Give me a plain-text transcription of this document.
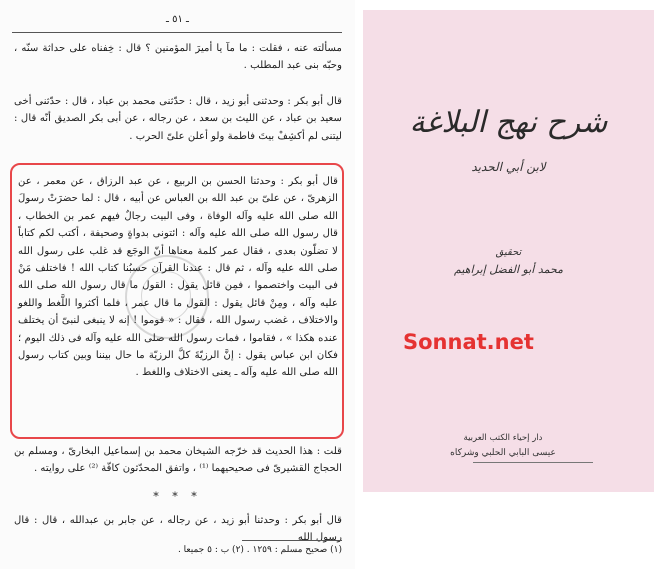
ـ ٥١ ـ
مسألته عنه ، فقلت : ما مآ يا أميرَ المؤمنين ؟ قال : خِفناه على حداثة سنّه ، وحبّه بنى عبد المطلب .
قال أبو بكر : وحدثنى أبو زيد ، قال : حدّثنى محمد بن عباد ، قال : حدّثنى أخى سعيد بن عباد ، عن الليث بن سعد ، عن رجاله ، عن أبى بكر الصديق أنّه قال : ليتنى لم أكشِفْ بيتَ فاطمة ولو أعلن علىّ الحرب .
قال أبو بكر : وحدثنا الحسن بن الربيع ، عن عبد الرزاق ، عن معمر ، عن الزهرىّ ، عن علىّ بن عبد الله بن العباس عن أبيه ، قال : لما حضرَتْ رسولَ الله صلى الله عليه وآله الوفاة ، وفى البيت رجالٌ فيهم عمر بن الخطاب ، قال رسول الله صلى الله عليه وآله : ائتونى بدواةٍ وصحيفة ، أكتب لكم كتاباً لا تضلّون بعدى ، فقال عمر كلمة معناها أنّ الوجَع قد غلب على رسول الله صلى الله عليه وآله ، ثم قال : عندنا القرآن حسبُنا كتاب الله ! فاختلف مَنْ فى البيت واختصموا ، فمِن قائل يقول : القول ما قال رسول الله صلى الله عليه وآله ، ومِنْ قائل يقول : القول ما قال عمر ، فلما أكثروا اللَّغط واللغو والاختلاف ، غضب رسول الله ، فقال : « قوموا ! إنه لا ينبغى لنبىّ أن يختلف عنده هكذا » ، فقاموا ، فمات رسول الله صلى الله عليه وآله فى ذلك اليوم ؛ فكان ابن عباس يقول : إنَّ الرزيّةَ كلَّ الرزيّة ما حال بيننا وبين كتاب رسول الله صلى الله عليه وآله ـ يعنى الاختلاف واللغط .
قلت : هذا الحديث قد خرّجه الشيخان محمد بن إسماعيل البخارىّ ، ومسلم بن الحجاج القشيرىّ فى صحيحيهما ⁽¹⁾ ، واتفق المحدّثون كافّة ⁽²⁾ على روايته .
* * *
قال أبو بكر : وحدثنا أبو زيد ، عن رجاله ، عن جابر بن عبدالله ، قال : قال رسول الله
(١) صحيح مسلم : ١٢٥٩ . (٢) ب : ٥ جميعا .
شرح نهج البلاغة
لابن أبي الحديد
تحقيق
محمد أبو الفضل إبراهيم
دار إحياء الكتب العربية
عيسى البابي الحلبي وشركاه
Sonnat.net
